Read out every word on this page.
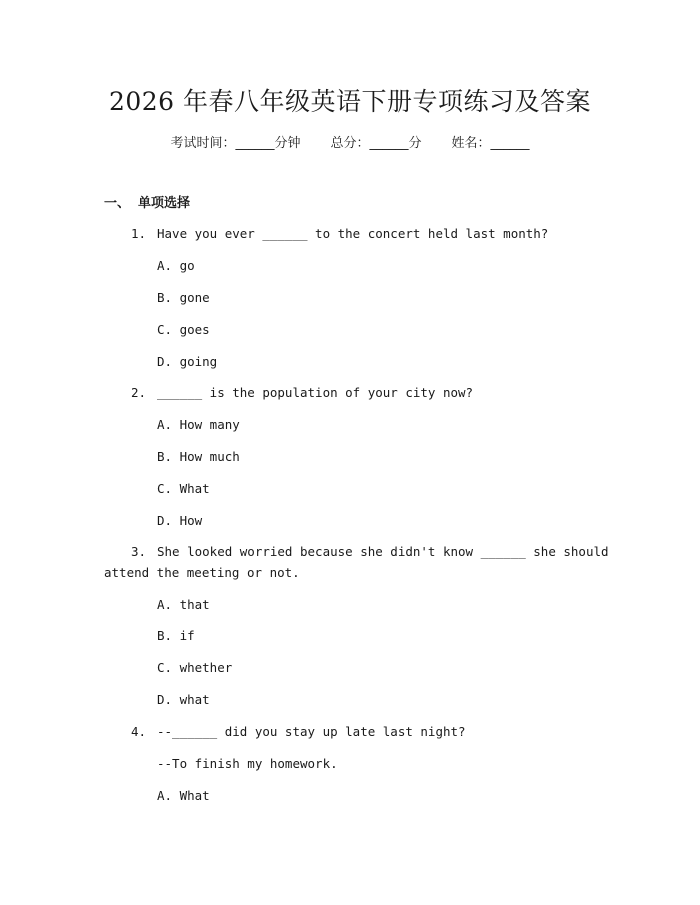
2026 年春八年级英语下册专项练习及答案
考试时间：______分钟 总分：______分 姓名：______
一、 单项选择
1. Have you ever ______ to the concert held last month?
A. go
B. gone
C. goes
D. going
2. ______ is the population of your city now?
A. How many
B. How much
C. What
D. How
3. She looked worried because she didn't know ______ she should
attend the meeting or not.
A. that
B. if
C. whether
D. what
4. --______ did you stay up late last night?
--To finish my homework.
A. What
